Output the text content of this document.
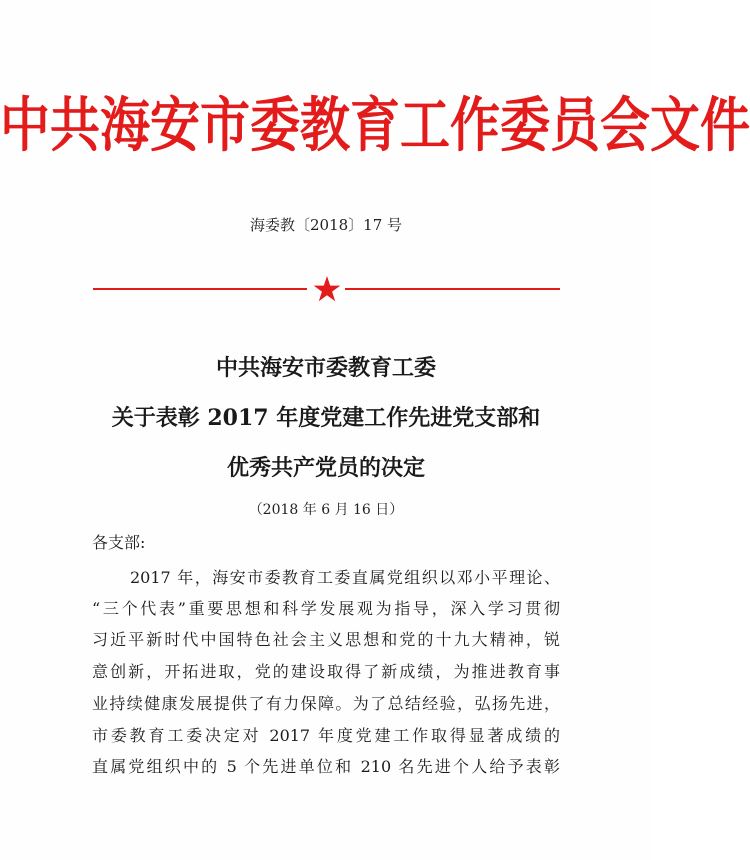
中共海安市委教育工作委员会文件
海委教〔2018〕17 号
中共海安市委教育工委
关于表彰 2017 年度党建工作先进党支部和
优秀共产党员的决定
（2018 年 6 月 16 日）
各支部:
2017 年，海安市委教育工委直属党组织以邓小平理论、
“三个代表”重要思想和科学发展观为指导，深入学习贯彻
习近平新时代中国特色社会主义思想和党的十九大精神，锐
意创新，开拓进取，党的建设取得了新成绩，为推进教育事
业持续健康发展提供了有力保障。为了总结经验，弘扬先进，
市委教育工委决定对 2017 年度党建工作取得显著成绩的
直属党组织中的 5 个先进单位和 210 名先进个人给予表彰
